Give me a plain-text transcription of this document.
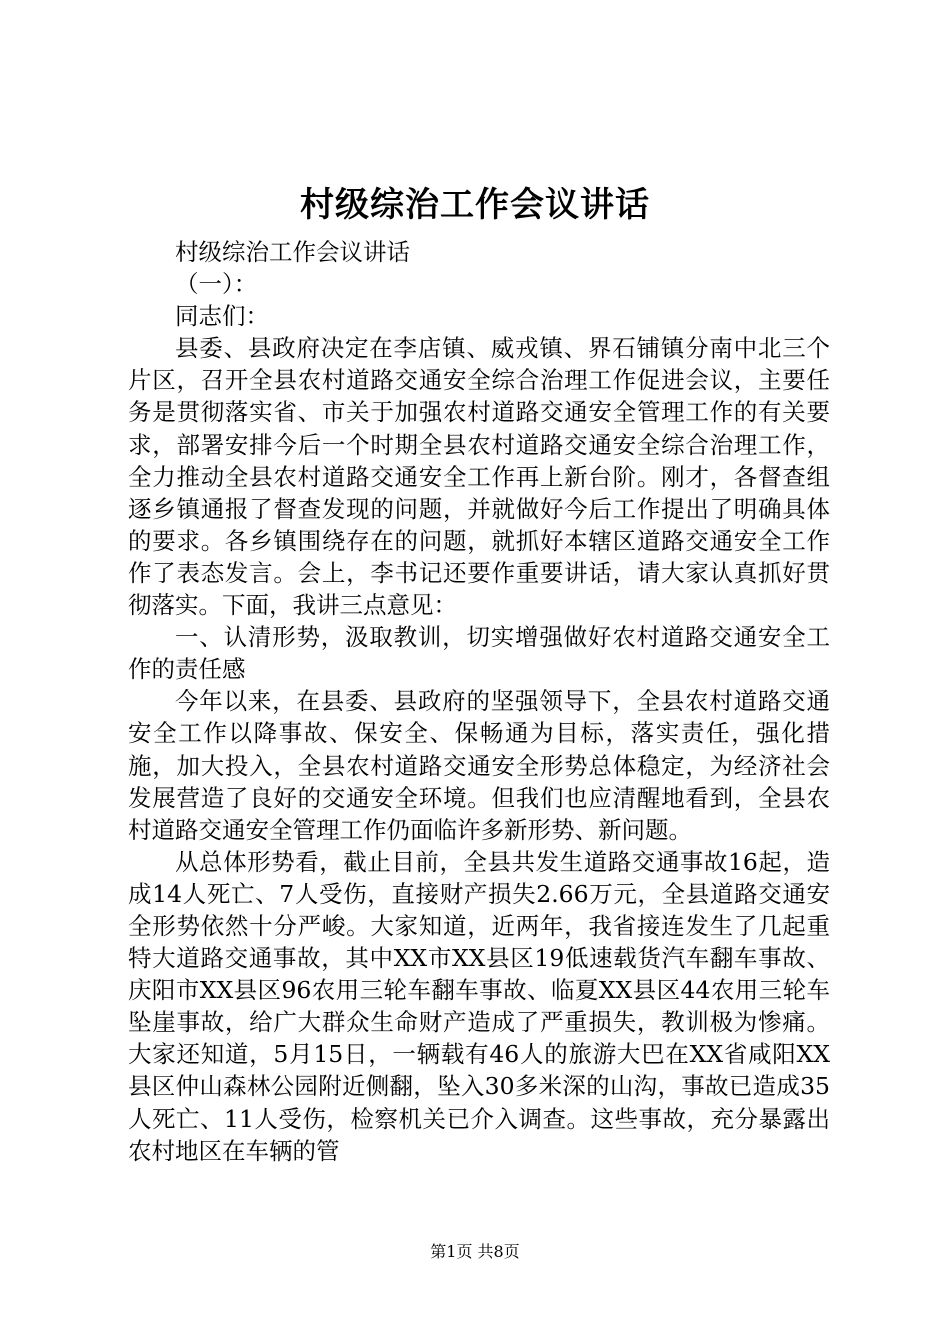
村级综治工作会议讲话

村级综治工作会议讲话

（一）：

同志们：

县委、县政府决定在李店镇、威戎镇、界石铺镇分南中北三个片区，召开全县农村道路交通安全综合治理工作促进会议，主要任务是贯彻落实省、市关于加强农村道路交通安全管理工作的有关要求，部署安排今后一个时期全县农村道路交通安全综合治理工作，全力推动全县农村道路交通安全工作再上新台阶。刚才，各督查组逐乡镇通报了督查发现的问题，并就做好今后工作提出了明确具体的要求。各乡镇围绕存在的问题，就抓好本辖区道路交通安全工作作了表态发言。会上，李书记还要作重要讲话，请大家认真抓好贯彻落实。下面，我讲三点意见：

一、认清形势，汲取教训，切实增强做好农村道路交通安全工作的责任感

今年以来，在县委、县政府的坚强领导下，全县农村道路交通安全工作以降事故、保安全、保畅通为目标，落实责任，强化措施，加大投入，全县农村道路交通安全形势总体稳定，为经济社会发展营造了良好的交通安全环境。但我们也应清醒地看到，全县农村道路交通安全管理工作仍面临许多新形势、新问题。

从总体形势看，截止目前，全县共发生道路交通事故16起，造成14人死亡、7人受伤，直接财产损失2.66万元，全县道路交通安全形势依然十分严峻。大家知道，近两年，我省接连发生了几起重特大道路交通事故，其中XX市XX县区19低速载货汽车翻车事故、庆阳市XX县区96农用三轮车翻车事故、临夏XX县区44农用三轮车坠崖事故，给广大群众生命财产造成了严重损失，教训极为惨痛。大家还知道，5月15日，一辆载有46人的旅游大巴在XX省咸阳XX县区仲山森林公园附近侧翻，坠入30多米深的山沟，事故已造成35人死亡、11人受伤，检察机关已介入调查。这些事故，充分暴露出农村地区在车辆的管

第1页 共8页
